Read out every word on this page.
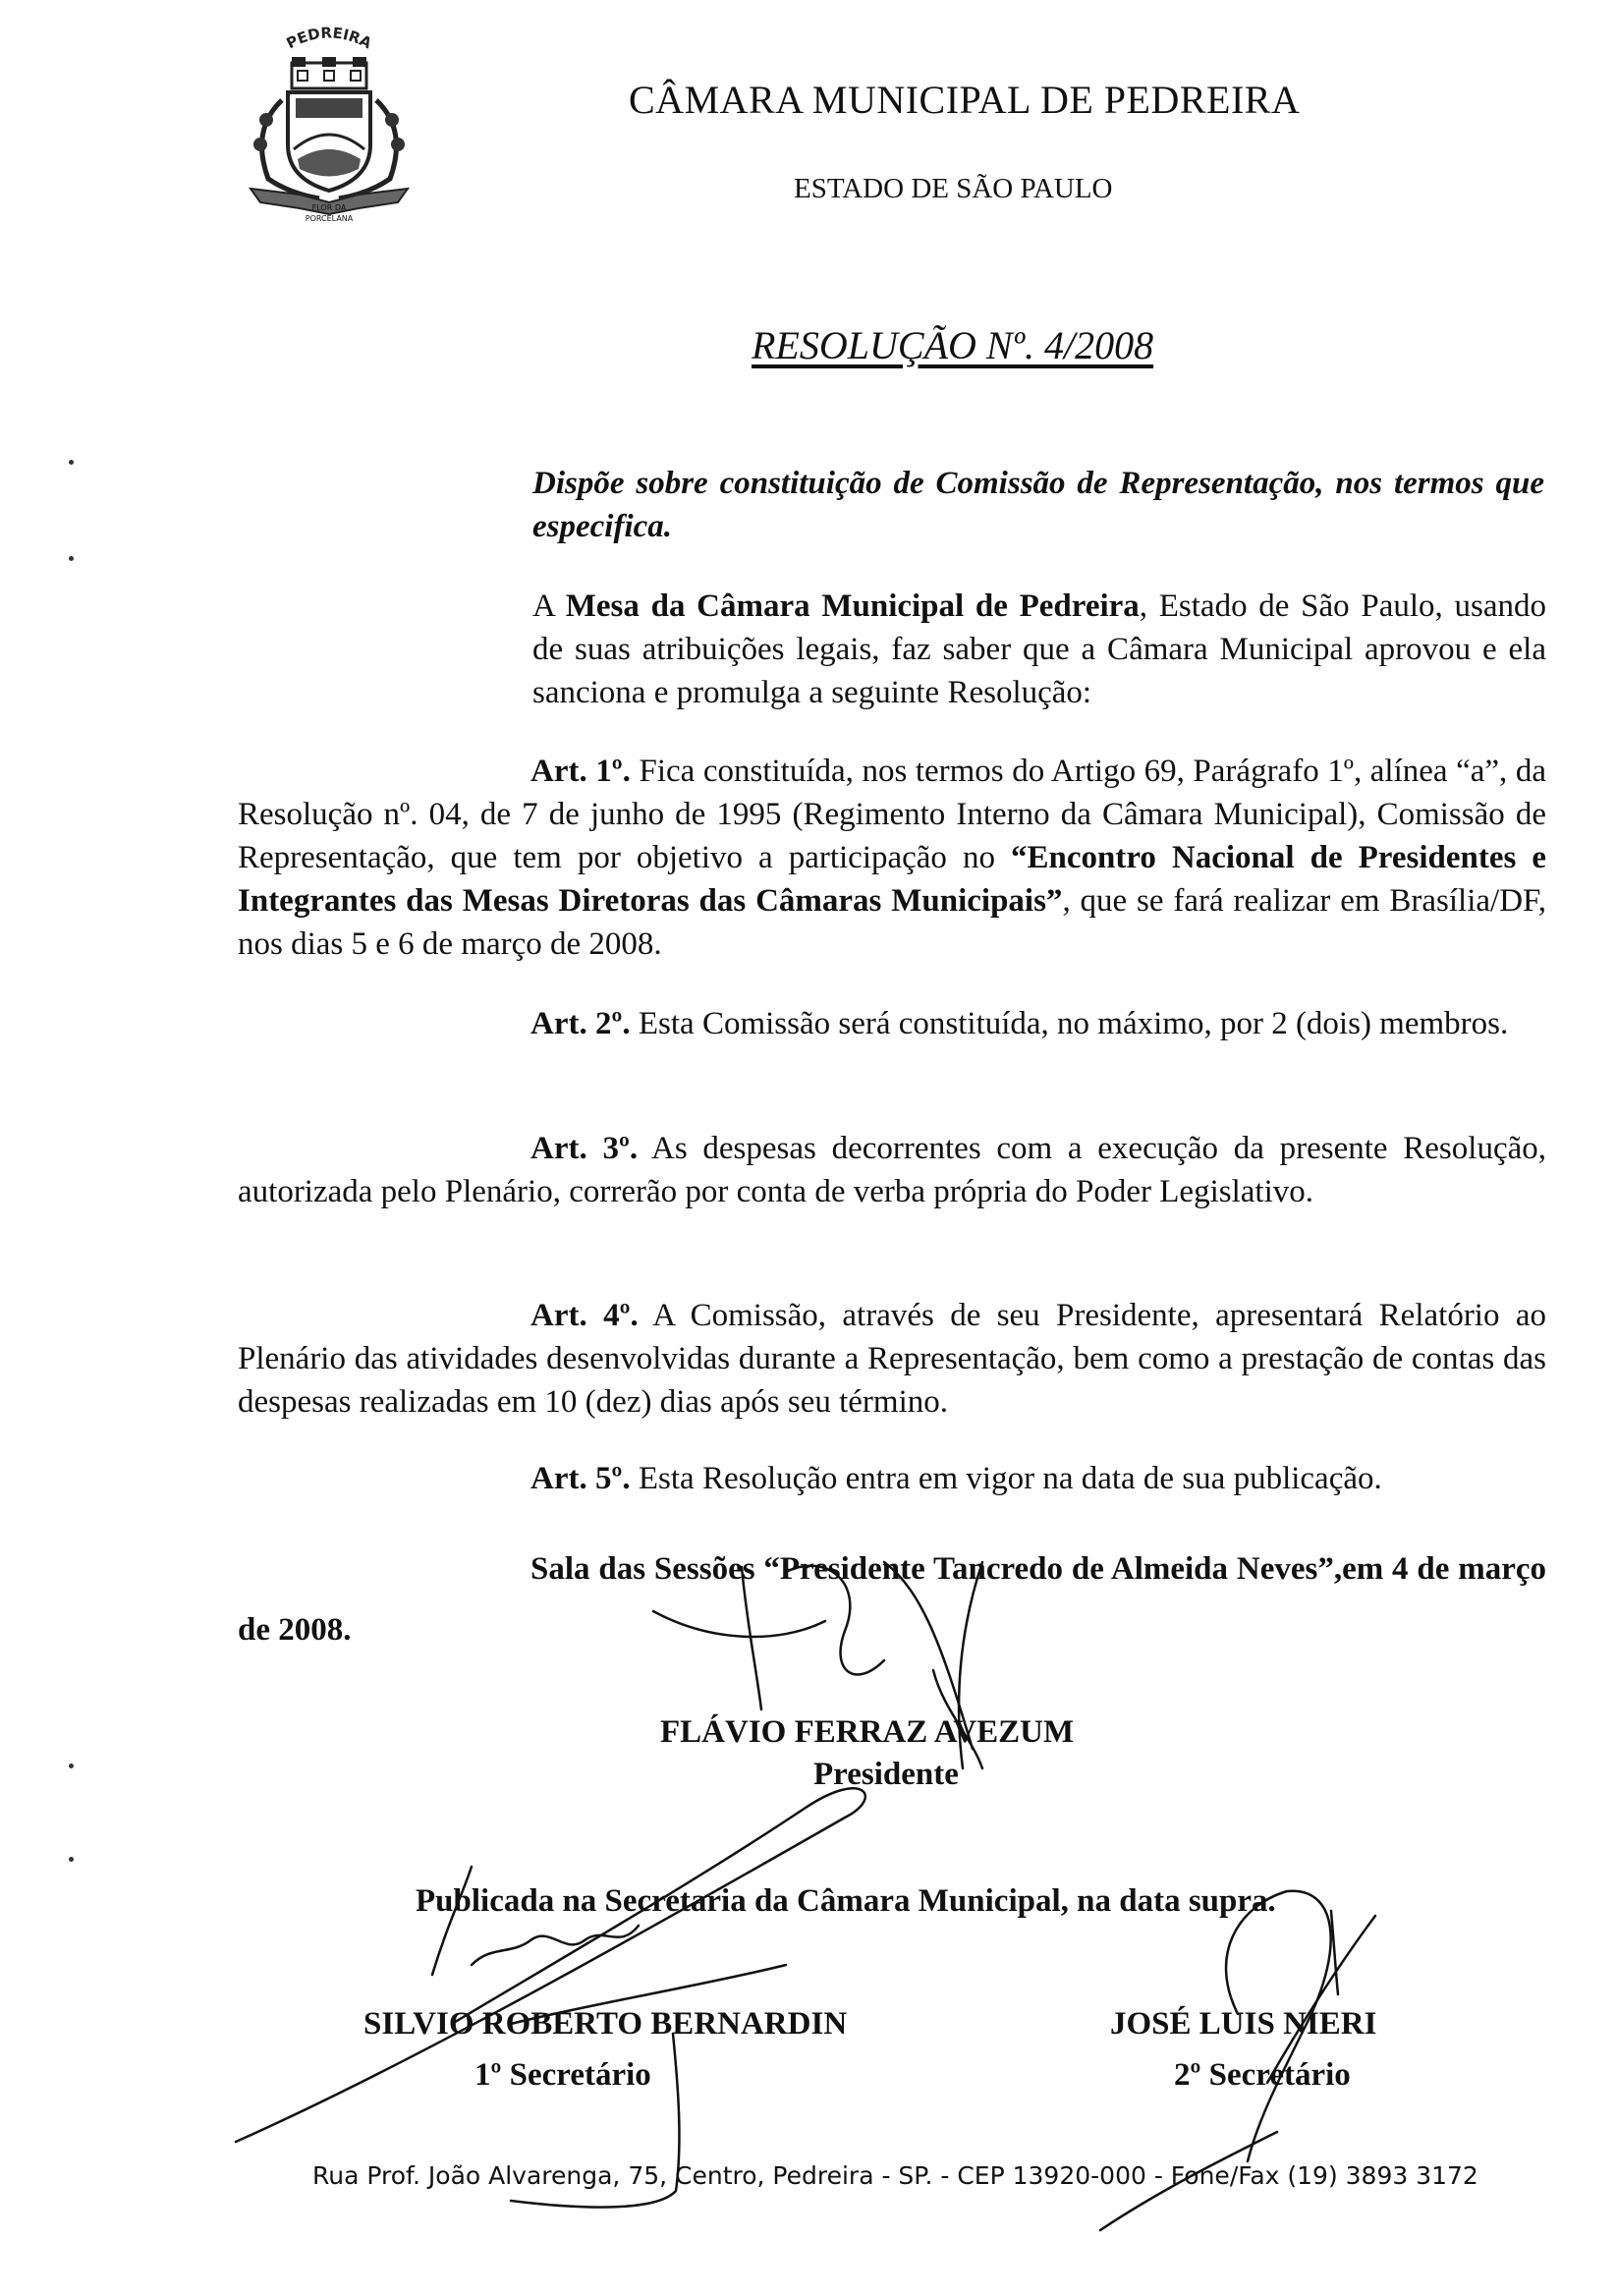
PEDREIRA
FLOR DA
PORCELANA
CÂMARA MUNICIPAL DE PEDREIRA
ESTADO DE SÃO PAULO
RESOLUÇÃO Nº. 4/2008
Dispõe sobre constituição de Comissão de Representação, nos termos que especifica.
A Mesa da Câmara Municipal de Pedreira, Estado de São Paulo, usando de suas atribuições legais, faz saber que a Câmara Municipal aprovou e ela sanciona e promulga a seguinte Resolução:
Art. 1º. Fica constituída, nos termos do Artigo 69, Parágrafo 1º, alínea “a”, da Resolução nº. 04, de 7 de junho de 1995 (Regimento Interno da Câmara Municipal), Comissão de Representação, que tem por objetivo a participação no “Encontro Nacional de Presidentes e Integrantes das Mesas Diretoras das Câmaras Municipais”, que se fará realizar em Brasília/DF, nos dias 5 e 6 de março de 2008.
Art. 2º. Esta Comissão será constituída, no máximo, por 2 (dois) membros.
Art. 3º. As despesas decorrentes com a execução da presente Resolução, autorizada pelo Plenário, correrão por conta de verba própria do Poder Legislativo.
Art. 4º. A Comissão, através de seu Presidente, apresentará Relatório ao Plenário das atividades desenvolvidas durante a Representação, bem como a prestação de contas das despesas realizadas em 10 (dez) dias após seu término.
Art. 5º. Esta Resolução entra em vigor na data de sua publicação.
Sala das Sessões “Presidente Tancredo de Almeida Neves”,em 4 de março de 2008.
FLÁVIO FERRAZ AVEZUM
Presidente
Publicada na Secretaria da Câmara Municipal, na data supra.
SILVIO ROBERTO BERNARDIN
1º Secretário
JOSÉ LUIS NIERI
2º Secretário
Rua Prof. João Alvarenga, 75, Centro, Pedreira - SP. - CEP 13920-000 - Fone/Fax (19) 3893 3172
